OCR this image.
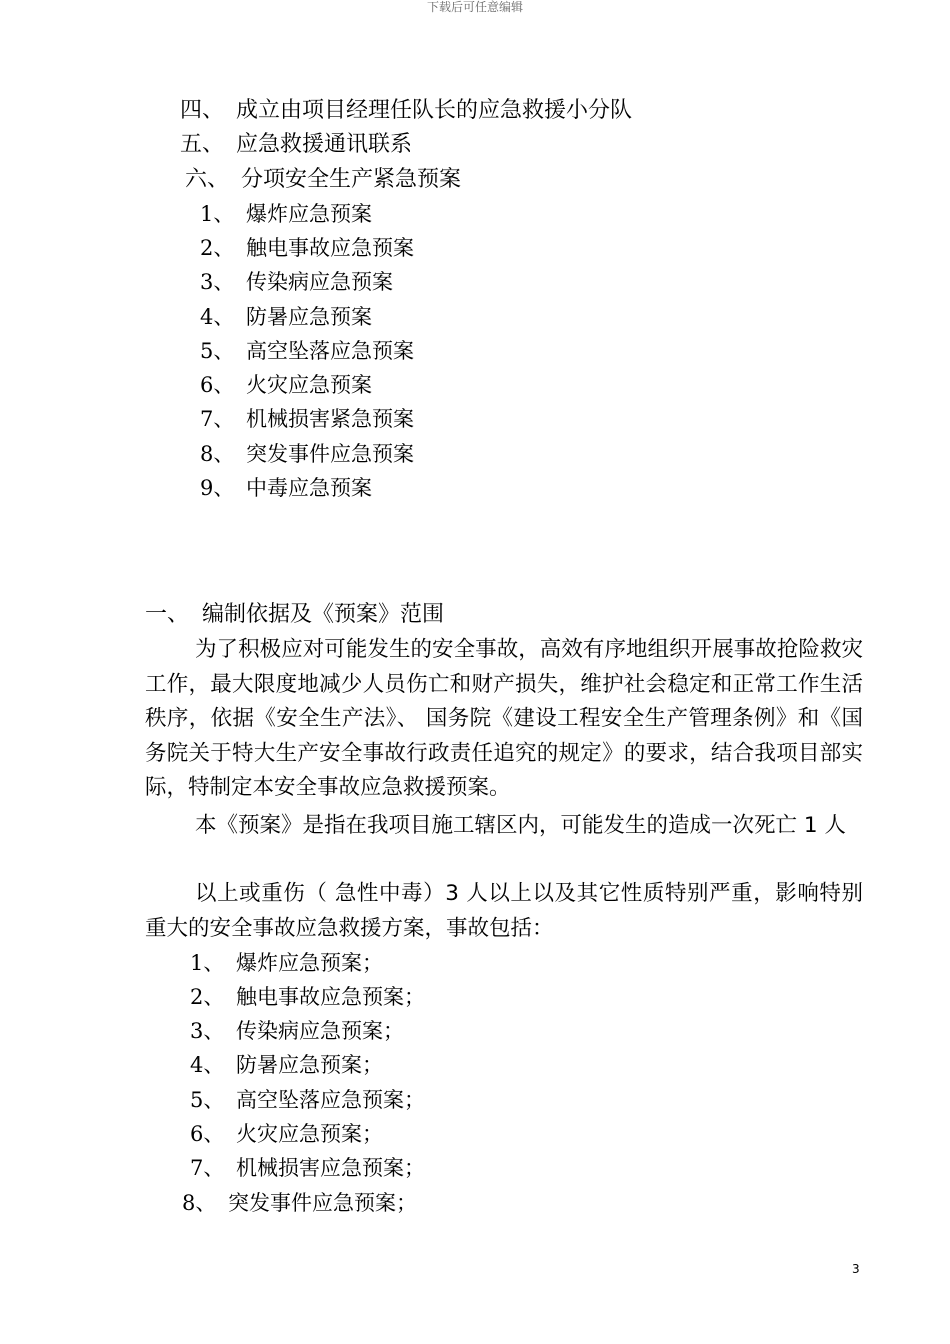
下载后可任意编辑
四、 成立由项目经理任队长的应急救援小分队
五、 应急救援通讯联系
六、 分项安全生产紧急预案
1、 爆炸应急预案
2、 触电事故应急预案
3、 传染病应急预案
4、 防暑应急预案
5、 高空坠落应急预案
6、 火灾应急预案
7、 机械损害紧急预案
8、 突发事件应急预案
9、 中毒应急预案
一、 编制依据及《预案》范围
为了积极应对可能发生的安全事故，高效有序地组织开展事故抢险救灾工作，最大限度地减少人员伤亡和财产损失，维护社会稳定和正常工作生活秩序，依据《安全生产法》、 国务院《建设工程安全生产管理条例》和《国务院关于特大生产安全事故行政责任追究的规定》的要求，结合我项目部实际，特制定本安全事故应急救援预案。
本《预案》是指在我项目施工辖区内，可能发生的造成一次死亡 1 人
以上或重伤（ 急性中毒）3 人以上以及其它性质特别严重，影响特别重大的安全事故应急救援方案，事故包括：
1、 爆炸应急预案；
2、 触电事故应急预案；
3、 传染病应急预案；
4、 防暑应急预案；
5、 高空坠落应急预案；
6、 火灾应急预案；
7、 机械损害应急预案；
8、 突发事件应急预案；
3
